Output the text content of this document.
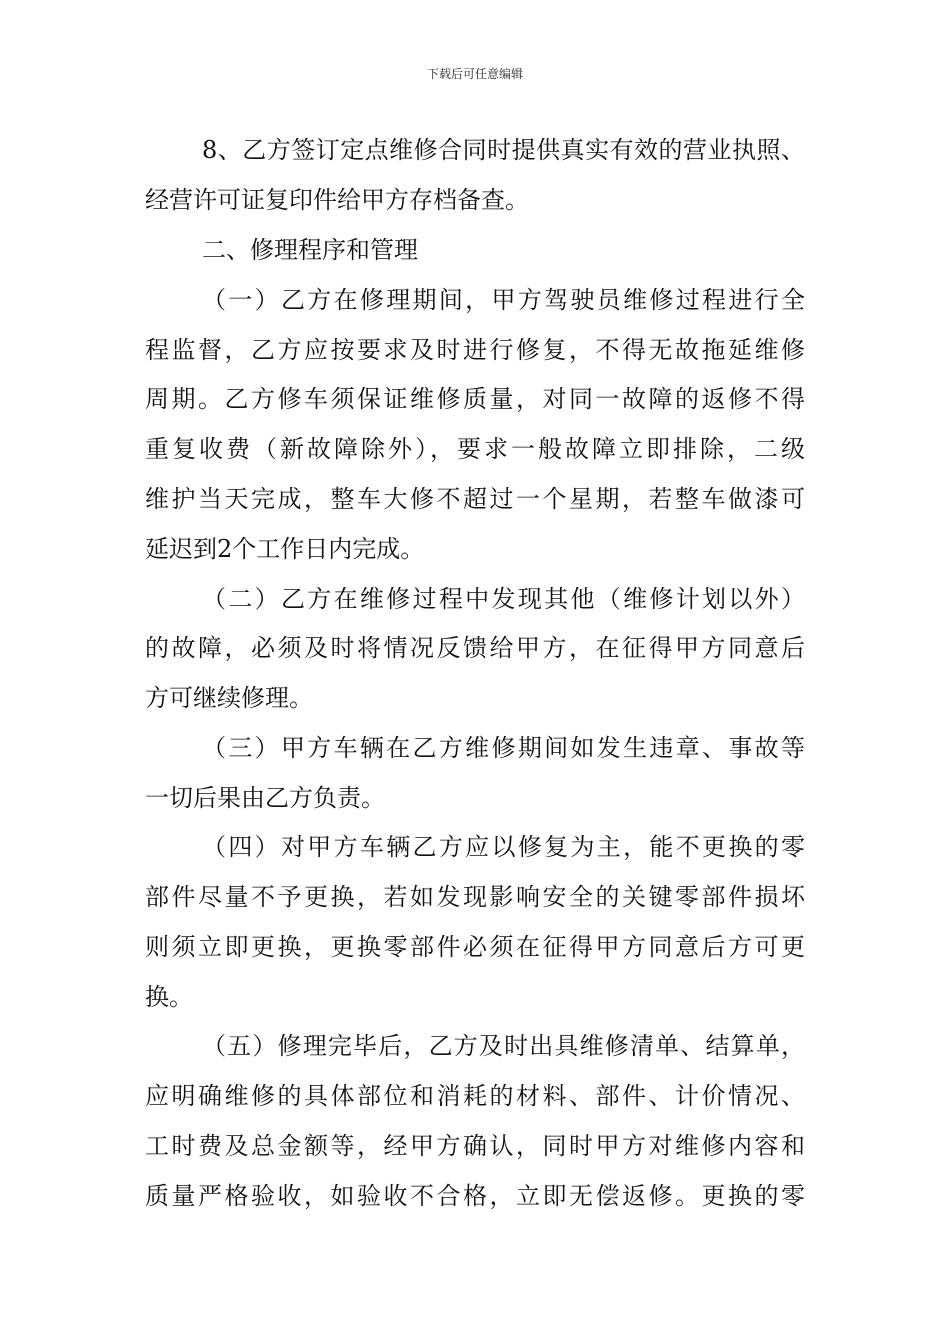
下载后可任意编辑
8、乙方签订定点维修合同时提供真实有效的营业执照、
经营许可证复印件给甲方存档备查。
二、修理程序和管理
（一）乙方在修理期间，甲方驾驶员维修过程进行全
程监督，乙方应按要求及时进行修复，不得无故拖延维修
周期。乙方修车须保证维修质量，对同一故障的返修不得
重复收费（新故障除外），要求一般故障立即排除，二级
维护当天完成，整车大修不超过一个星期，若整车做漆可
延迟到2个工作日内完成。
（二）乙方在维修过程中发现其他（维修计划以外）
的故障，必须及时将情况反馈给甲方，在征得甲方同意后
方可继续修理。
（三）甲方车辆在乙方维修期间如发生违章、事故等
一切后果由乙方负责。
（四）对甲方车辆乙方应以修复为主，能不更换的零
部件尽量不予更换，若如发现影响安全的关键零部件损坏
则须立即更换，更换零部件必须在征得甲方同意后方可更
换。
（五）修理完毕后，乙方及时出具维修清单、结算单，
应明确维修的具体部位和消耗的材料、部件、计价情况、
工时费及总金额等，经甲方确认，同时甲方对维修内容和
质量严格验收，如验收不合格，立即无偿返修。更换的零
